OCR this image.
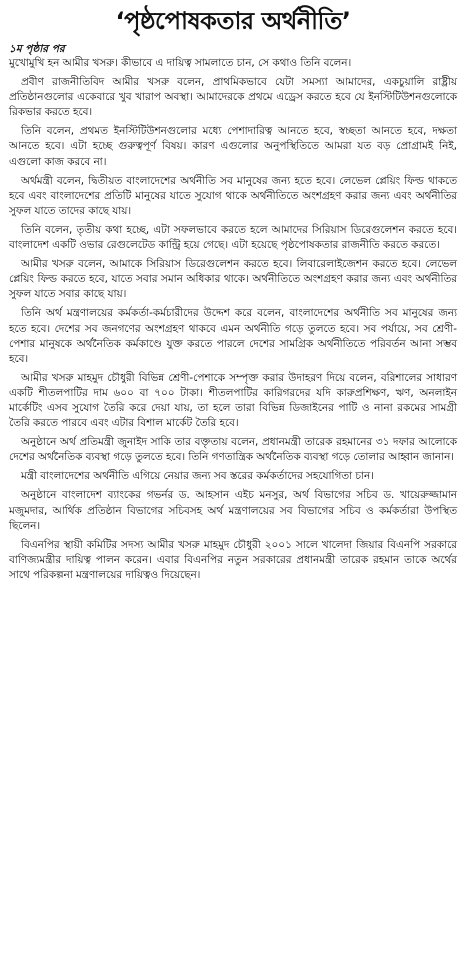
‘পৃষ্ঠপোষকতার অর্থনীতি’
১ম পৃষ্ঠার পর

মুখোমুখি হন আমীর খসরু। কীভাবে এ দায়িত্ব সামলাতে চান, সে কথাও তিনি বলেন।

প্রবীণ রাজনীতিবিদ আমীর খসরু বলেন, প্রাথমিকভাবে যেটা সমস্যা আমাদের, একচুয়ালি রাষ্ট্রীয় প্রতিষ্ঠানগুলোর একেবারে খুব খারাপ অবস্থা। আমাদেরকে প্রথমে এড্রেস করতে হবে যে ইনস্টিটিউশনগুলোকে রিকভার করতে হবে।

তিনি বলেন, প্রথমত ইনস্টিটিউশনগুলোর মধ্যে পেশাদারিত্ব আনতে হবে, স্বচ্ছতা আনতে হবে, দক্ষতা আনতে হবে। এটা হচ্ছে গুরুত্বপূর্ণ বিষয়। কারণ এগুলোর অনুপস্থিতিতে আমরা যত বড় প্রোগ্রামই নিই, এগুলো কাজ করবে না।

অর্থমন্ত্রী বলেন, দ্বিতীয়ত বাংলাদেশের অর্থনীতি সব মানুষের জন্য হতে হবে। লেভেল প্লেয়িং ফিল্ড থাকতে হবে এবং বাংলাদেশের প্রতিটি মানুষের যাতে সুযোগ থাকে অর্থনীতিতে অংশগ্রহণ করার জন্য এবং অর্থনীতির সুফল যাতে তাদের কাছে যায়।

তিনি বলেন, তৃতীয় কথা হচ্ছে, এটা সফলভাবে করতে হলে আমাদের সিরিয়াস ডিরেগুলেশন করতে হবে। বাংলাদেশ একটি ওভার রেগুলেটেড কান্ট্রি হয়ে গেছে। এটা হয়েছে পৃষ্ঠপোষকতার রাজনীতি করতে করতে।

আমীর খসরু বলেন, আমাকে সিরিয়াস ডিরেগুলেশন করতে হবে। লিবারেলাইজেশন করতে হবে। লেভেল প্লেয়িং ফিল্ড করতে হবে, যাতে সবার সমান অধিকার থাকে। অর্থনীতিতে অংশগ্রহণ করার জন্য এবং অর্থনীতির সুফল যাতে সবার কাছে যায়।

তিনি অর্থ মন্ত্রণালয়ের কর্মকর্তা-কর্মচারীদের উদ্দেশ করে বলেন, বাংলাদেশের অর্থনীতি সব মানুষের জন্য হতে হবে। দেশের সব জনগণের অংশগ্রহণ থাকবে এমন অর্থনীতি গড়ে তুলতে হবে। সব পর্যায়ে, সব শ্রেণী-পেশার মানুষকে অর্থনৈতিক কর্মকাণ্ডে যুক্ত করতে পারলে দেশের সামগ্রিক অর্থনীতিতে পরিবর্তন আনা সম্ভব হবে।

আমীর খসরু মাহমুদ চৌধুরী বিভিন্ন শ্রেণী-পেশাকে সম্পৃক্ত করার উদাহরণ দিয়ে বলেন, বরিশালের সাধারণ একটি শীতলপাটির দাম ৬০০ বা ৭০০ টাকা। শীতলপাটির কারিগরদের যদি কারুপ্রশিক্ষণ, ঋণ, অনলাইন মার্কেটিং এসব সুযোগ তৈরি করে দেয়া যায়, তা হলে তারা বিভিন্ন ডিজাইনের পাটি ও নানা রকমের সামগ্রী তৈরি করতে পারবে এবং এটার বিশাল মার্কেট তৈরি হবে।

অনুষ্ঠানে অর্থ প্রতিমন্ত্রী জুনাইদ সাকি তার বক্তৃতায় বলেন, প্রধানমন্ত্রী তারেক রহমানের ৩১ দফার আলোকে দেশের অর্থনৈতিক ব্যবস্থা গড়ে তুলতে হবে। তিনি গণতান্ত্রিক অর্থনৈতিক ব্যবস্থা গড়ে তোলার আহ্বান জানান।

মন্ত্রী বাংলাদেশের অর্থনীতি এগিয়ে নেয়ার জন্য সব স্তরের কর্মকর্তাদের সহযোগিতা চান।

অনুষ্ঠানে বাংলাদেশ ব্যাংকের গভর্নর ড. আহসান এইচ মনসুর, অর্থ বিভাগের সচিব ড. খায়েরুজ্জামান মজুমদার, আর্থিক প্রতিষ্ঠান বিভাগের সচিবসহ অর্থ মন্ত্রণালয়ের সব বিভাগের সচিব ও কর্মকর্তারা উপস্থিত ছিলেন।

বিএনপির স্থায়ী কমিটির সদস্য আমীর খসরু মাহমুদ চৌধুরী ২০০১ সালে খালেদা জিয়ার বিএনপি সরকারে বাণিজ্যমন্ত্রীর দায়িত্ব পালন করেন। এবার বিএনপির নতুন সরকারের প্রধানমন্ত্রী তারেক রহমান তাকে অর্থের সাথে পরিকল্পনা মন্ত্রণালয়ের দায়িত্বও দিয়েছেন।
